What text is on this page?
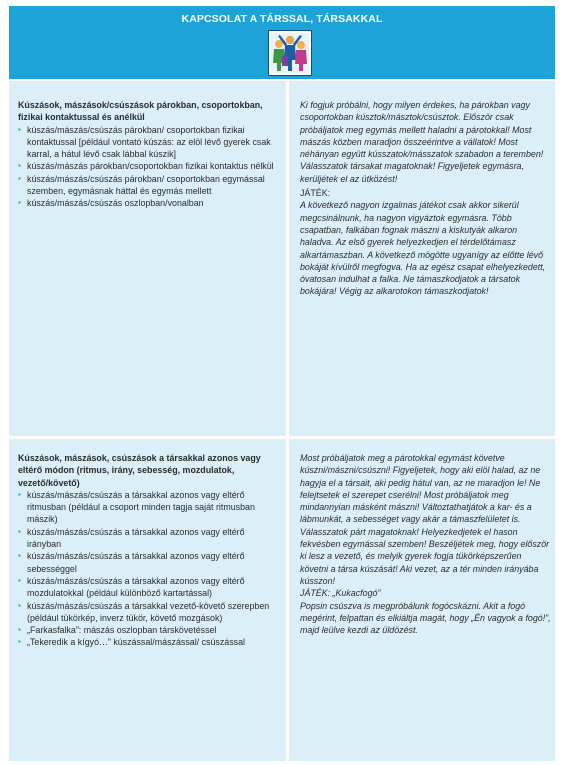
KAPCSOLAT A TÁRSSAL, TÁRSAKKAL
Kúszások, mászások/csúszások párokban, csoportokban, fizikai kontaktussal és anélkül
▪ kúszás/mászás/csúszás párokban/ csoportokban fizikai kontaktussal [például vontató kúszás: az elöl lévő gyerek csak karral, a hátul lévő csak lábbal kúszik]
▪ kúszás/mászás párokban/csoportokban fizikai kontaktus nélkül
▪ kúszás/mászás/csúszás párokban/ csoportokban egymással szemben, egymásnak háttal és egymás mellett
▪ kúszás/mászás/csúszás oszlopban/vonalban

Ki fogjuk próbálni, hogy milyen érdekes, ha párokban vagy csoportokban kúsztok/másztok/csúsztok. Először csak próbáljatok meg egymás mellett haladni a párotokkal! Most mászás közben maradjon összeérintve a vállatok! Most néhányan együtt kússzatok/másszatok szabadon a teremben! Válasszatok társakat magatoknak! Figyeljetek egymásra, kerüljétek el az ütközést!

JÁTÉK:

A következő nagyon izgalmas játékot csak akkor sikerül megcsinálnunk, ha nagyon vigyáztok egymásra. Több csapatban, falkában fognak mászni a kiskutyák alkaron haladva. Az első gyerek helyezkedjen el térdelőtámasz alkartámaszban. A következő mögötte ugyanígy az előtte lévő bokáját kívülről megfogva. Ha az egész csapat elhelyezkedett, óvatosan indulhat a falka. Ne támaszkodjatok a társatok bokájára! Végig az alkarotokon támaszkodjatok!

Kúszások, mászások, csúszások a társakkal azonos vagy eltérő módon (ritmus, irány, sebesség, mozdulatok, vezető/követő)
▪ kúszás/mászás/csúszás a társakkal azonos vagy eltérő ritmusban (például a csoport minden tagja saját ritmusban mászik)
▪ kúszás/mászás/csúszás a társakkal azonos vagy eltérő irányban
▪ kúszás/mászás/csúszás a társakkal azonos vagy eltérő sebességgel
▪ kúszás/mászás/csúszás a társakkal azonos vagy eltérő mozdulatokkal (például különböző kartartással)
▪ kúszás/mászás/csúszás a társakkal vezető-követő szerepben (például tükörkép, inverz tükör, követő mozgások)
▪ „Farkasfalka”: mászás oszlopban társkövetéssel
▪ „Tekeredik a kígyó…” kúszással/mászással/ csúszással

Most próbáljatok meg a párotokkal egymást követve kúszni/mászni/csúszni! Figyeljetek, hogy aki elöl halad, az ne hagyja el a társait, aki pedig hátul van, az ne maradjon le! Ne felejtsetek el szerepet cserélni! Most próbáljatok meg mindannyian másként mászni! Változtathatjátok a kar- és a lábmunkát, a sebességet vagy akár a támaszfelületet is. Válasszatok párt magatoknak! Helyezkedjetek el hason fekvésben egymással szemben! Beszéljétek meg, hogy először ki lesz a vezető, és melyik gyerek fogja tükörképszerűen követni a társa kúszását! Aki vezet, az a tér minden irányába kússzon!

JÁTÉK: „Kukacfogó”

Popsin csúszva is megpróbálunk fogócskázni. Akit a fogó megérint, felpattan és elkiáltja magát, hogy „Én vagyok a fogó!”, majd leülve kezdi az üldözést.
